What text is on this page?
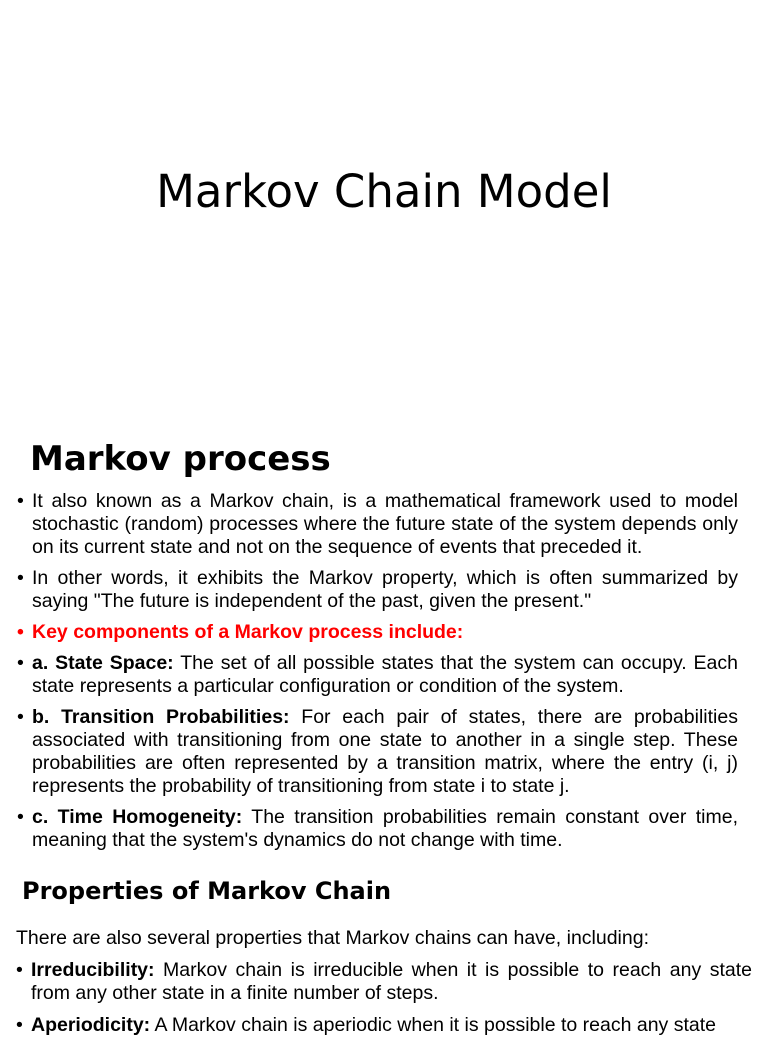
Markov Chain Model
Markov process
• It also known as a Markov chain, is a mathematical framework used to model stochastic (random) processes where the future state of the system depends only on its current state and not on the sequence of events that preceded it.
• In other words, it exhibits the Markov property, which is often summarized by saying "The future is independent of the past, given the present."
• Key components of a Markov process include:
• a. State Space: The set of all possible states that the system can occupy. Each state represents a particular configuration or condition of the system.
• b. Transition Probabilities: For each pair of states, there are probabilities associated with transitioning from one state to another in a single step. These probabilities are often represented by a transition matrix, where the entry (i, j) represents the probability of transitioning from state i to state j.
• c. Time Homogeneity: The transition probabilities remain constant over time, meaning that the system's dynamics do not change with time.
Properties of Markov Chain

There are also several properties that Markov chains can have, including:

• Irreducibility: Markov chain is irreducible when it is possible to reach any state from any other state in a finite number of steps.
• Aperiodicity: A Markov chain is aperiodic when it is possible to reach any state
